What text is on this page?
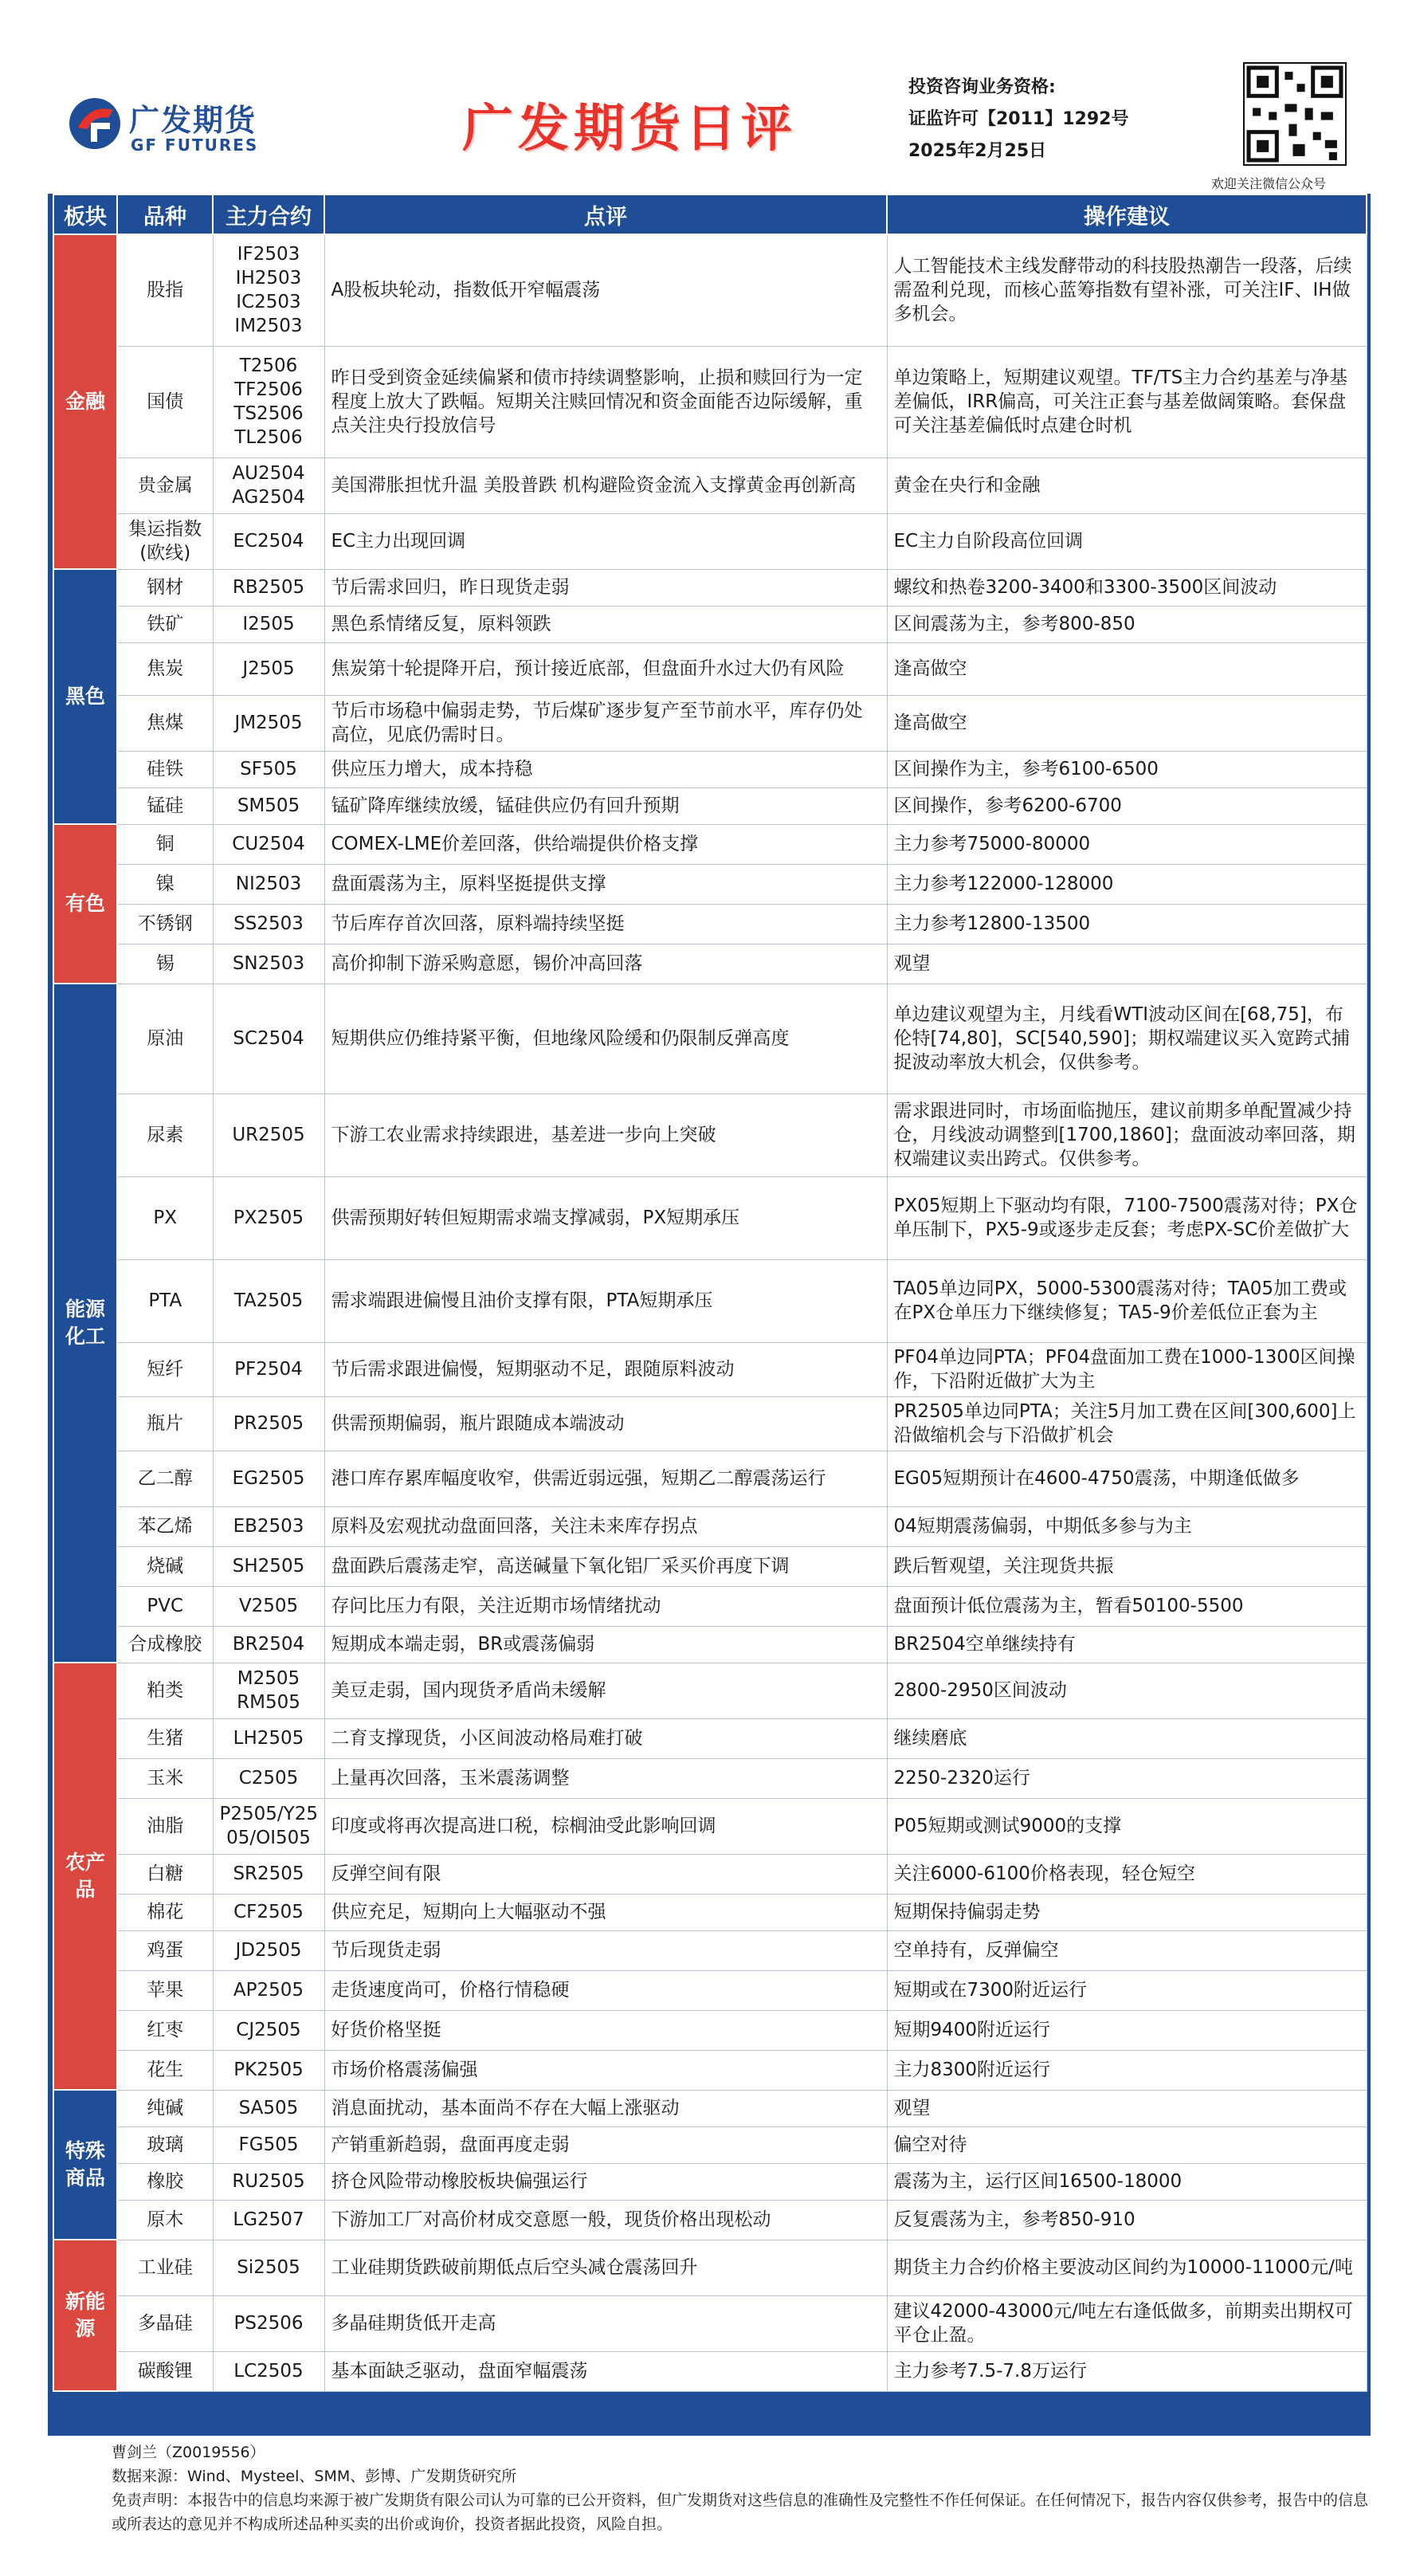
广发期货
GF FUTURES	广发期货日评
投资咨询业务资格:
证监许可【2011】1292号
2025年2月25日
欢迎关注微信公众号
板块	品种	主力合约	点评	操作建议
金融	股指	IF2503
IH2503
IC2503
IM2503	A股板块轮动，指数低开窄幅震荡	人工智能技术主线发酵带动的科技股热潮告一段落，后续需盈利兑现，而核心蓝筹指数有望补涨，可关注IF、IH做多机会。
	国债	T2506
TF2506
TS2506
TL2506	昨日受到资金延续偏紧和债市持续调整影响，止损和赎回行为一定程度上放大了跌幅。短期关注赎回情况和资金面能否边际缓解，重点关注央行投放信号	单边策略上，短期建议观望。TF/TS主力合约基差与净基差偏低，IRR偏高，可关注正套与基差做阔策略。套保盘可关注基差偏低时点建仓时机
	贵金属	AU2504
AG2504	美国滞胀担忧升温 美股普跌 机构避险资金流入支撑黄金再创新高	黄金在央行和金融
	集运指数
(欧线)	EC2504	EC主力出现回调	EC主力自阶段高位回调
黑色	钢材	RB2505	节后需求回归，昨日现货走弱	螺纹和热卷3200-3400和3300-3500区间波动
	铁矿	I2505	黑色系情绪反复，原料领跌	区间震荡为主，参考800-850
	焦炭	J2505	焦炭第十轮提降开启，预计接近底部，但盘面升水过大仍有风险	逢高做空
	焦煤	JM2505	节后市场稳中偏弱走势，节后煤矿逐步复产至节前水平，库存仍处高位，见底仍需时日。	逢高做空
	硅铁	SF505	供应压力增大，成本持稳	区间操作为主，参考6100-6500
	锰硅	SM505	锰矿降库继续放缓，锰硅供应仍有回升预期	区间操作，参考6200-6700
有色	铜	CU2504	COMEX-LME价差回落，供给端提供价格支撑	主力参考75000-80000
	镍	NI2503	盘面震荡为主，原料坚挺提供支撑	主力参考122000-128000
	不锈钢	SS2503	节后库存首次回落，原料端持续坚挺	主力参考12800-13500
	锡	SN2503	高价抑制下游采购意愿，锡价冲高回落	观望
能源
化工	原油	SC2504	短期供应仍维持紧平衡，但地缘风险缓和仍限制反弹高度	单边建议观望为主，月线看WTI波动区间在[68,75]，布伦特[74,80]，SC[540,590]；期权端建议买入宽跨式捕捉波动率放大机会，仅供参考。
	尿素	UR2505	下游工农业需求持续跟进，基差进一步向上突破	需求跟进同时，市场面临抛压，建议前期多单配置减少持仓，月线波动调整到[1700,1860]；盘面波动率回落，期权端建议卖出跨式。仅供参考。
	PX	PX2505	供需预期好转但短期需求端支撑减弱，PX短期承压	PX05短期上下驱动均有限，7100-7500震荡对待；PX仓单压制下，PX5-9或逐步走反套；考虑PX-SC价差做扩大
	PTA	TA2505	需求端跟进偏慢且油价支撑有限，PTA短期承压	TA05单边同PX，5000-5300震荡对待；TA05加工费或在PX仓单压力下继续修复；TA5-9价差低位正套为主
	短纤	PF2504	节后需求跟进偏慢，短期驱动不足，跟随原料波动	PF04单边同PTA；PF04盘面加工费在1000-1300区间操作，下沿附近做扩大为主
	瓶片	PR2505	供需预期偏弱，瓶片跟随成本端波动	PR2505单边同PTA；关注5月加工费在区间[300,600]上沿做缩机会与下沿做扩机会
	乙二醇	EG2505	港口库存累库幅度收窄，供需近弱远强，短期乙二醇震荡运行	EG05短期预计在4600-4750震荡，中期逢低做多
	苯乙烯	EB2503	原料及宏观扰动盘面回落，关注未来库存拐点	04短期震荡偏弱，中期低多参与为主
	烧碱	SH2505	盘面跌后震荡走窄，高送碱量下氧化铝厂采买价再度下调	跌后暂观望，关注现货共振
	PVC	V2505	存问比压力有限，关注近期市场情绪扰动	盘面预计低位震荡为主，暂看50100-5500
	合成橡胶	BR2504	短期成本端走弱，BR或震荡偏弱	BR2504空单继续持有
农产品	粕类	M2505
RM505	美豆走弱，国内现货矛盾尚未缓解	2800-2950区间波动
	生猪	LH2505	二育支撑现货，小区间波动格局难打破	继续磨底
	玉米	C2505	上量再次回落，玉米震荡调整	2250-2320运行
	油脂	P2505/Y25
05/OI505	印度或将再次提高进口税，棕榈油受此影响回调	P05短期或测试9000的支撑
	白糖	SR2505	反弹空间有限	关注6000-6100价格表现，轻仓短空
	棉花	CF2505	供应充足，短期向上大幅驱动不强	短期保持偏弱走势
	鸡蛋	JD2505	节后现货走弱	空单持有，反弹偏空
	苹果	AP2505	走货速度尚可，价格行情稳硬	短期或在7300附近运行
	红枣	CJ2505	好货价格坚挺	短期9400附近运行
	花生	PK2505	市场价格震荡偏强	主力8300附近运行
特殊
商品	纯碱	SA505	消息面扰动，基本面尚不存在大幅上涨驱动	观望
	玻璃	FG505	产销重新趋弱，盘面再度走弱	偏空对待
	橡胶	RU2505	挤仓风险带动橡胶板块偏强运行	震荡为主，运行区间16500-18000
	原木	LG2507	下游加工厂对高价材成交意愿一般，现货价格出现松动	反复震荡为主，参考850-910
新能源	工业硅	Si2505	工业硅期货跌破前期低点后空头减仓震荡回升	期货主力合约价格主要波动区间约为10000-11000元/吨
	多晶硅	PS2506	多晶硅期货低开走高	建议42000-43000元/吨左右逢低做多，前期卖出期权可平仓止盈。
	碳酸锂	LC2505	基本面缺乏驱动，盘面窄幅震荡	主力参考7.5-7.8万运行
曹剑兰（Z0019556）
数据来源：Wind、Mysteel、SMM、彭博、广发期货研究所
免责声明：本报告中的信息均来源于被广发期货有限公司认为可靠的已公开资料，但广发期货对这些信息的准确性及完整性不作任何保证。在任何情况下，报告内容仅供参考，报告中的信息或所表达的意见并不构成所述品种买卖的出价或询价，投资者据此投资，风险自担。
